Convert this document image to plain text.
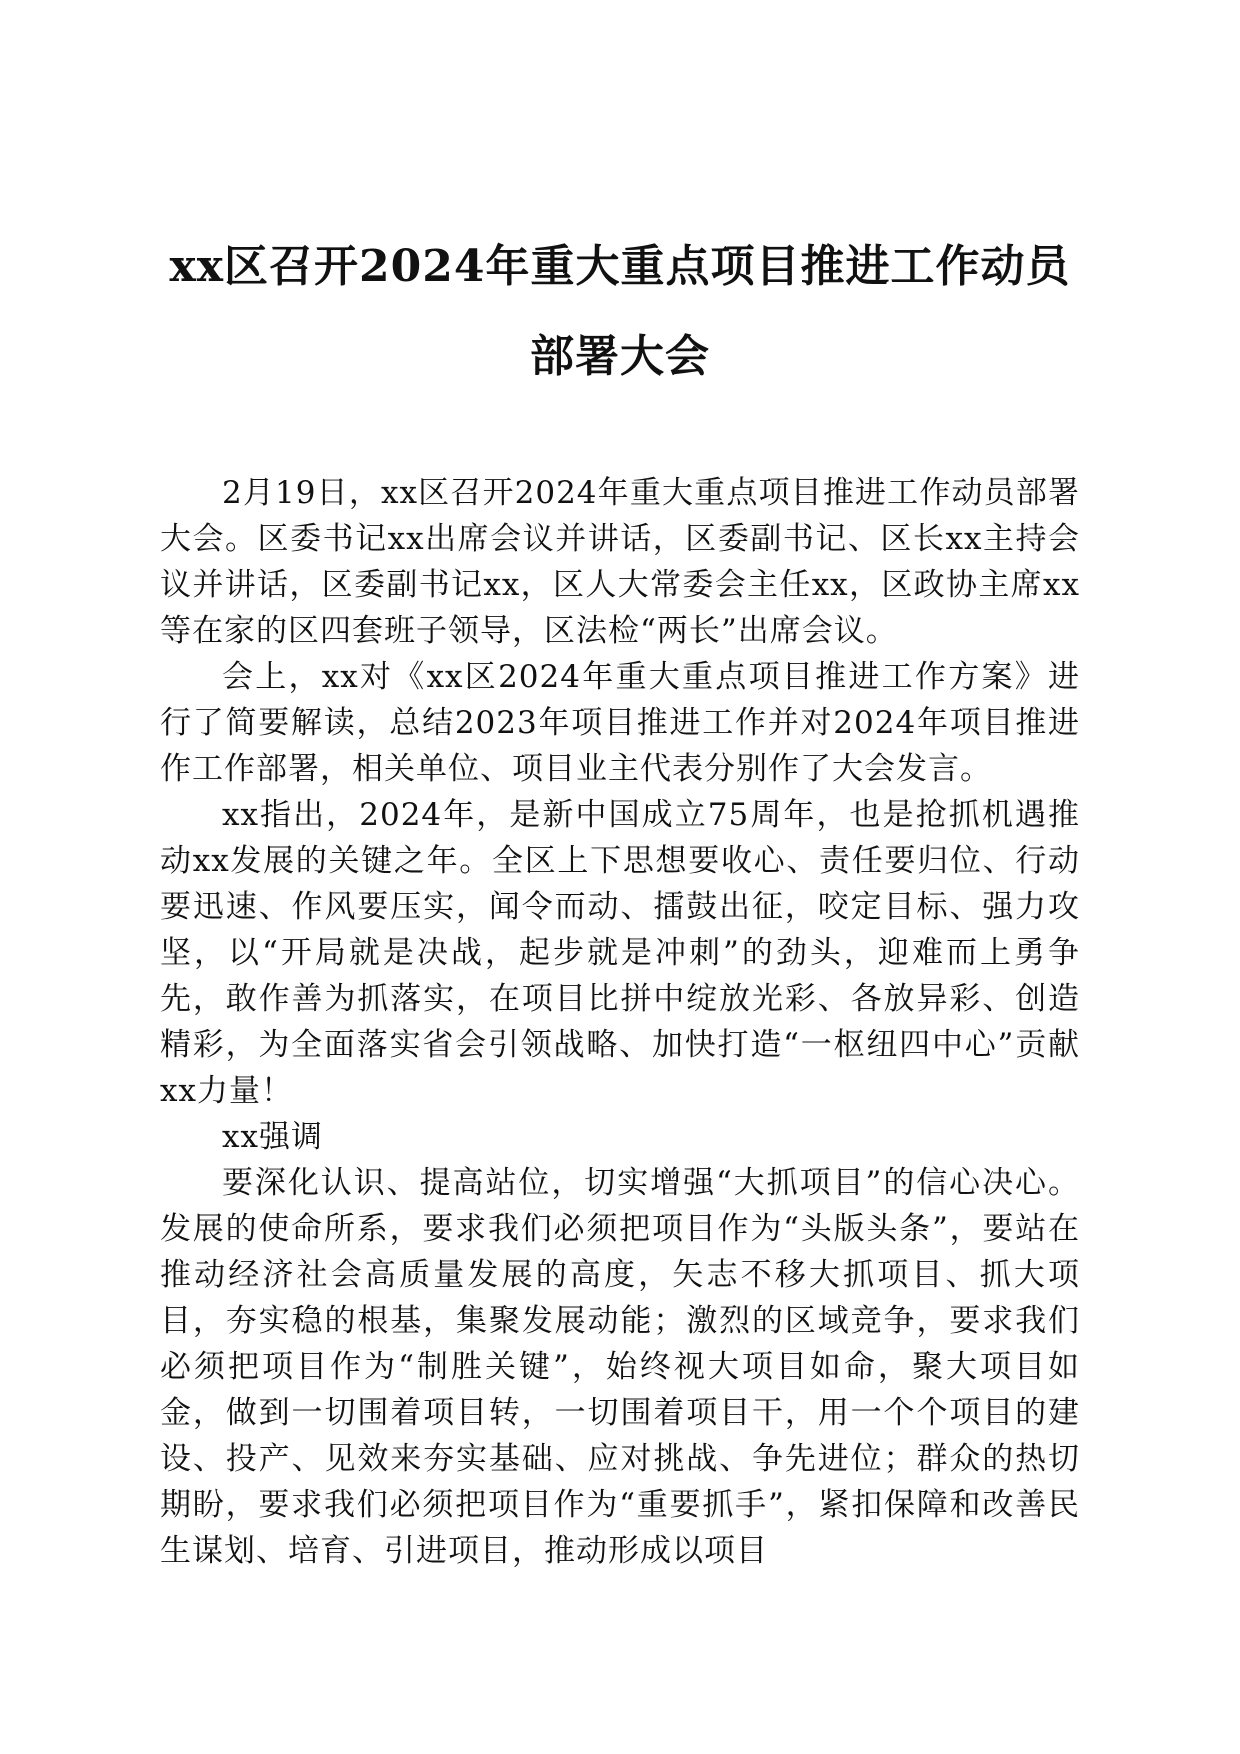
xx区召开2024年重大重点项目推进工作动员
部署大会

2月19日，xx区召开2024年重大重点项目推进工作动员部署大会。区委书记xx出席会议并讲话，区委副书记、区长xx主持会议并讲话，区委副书记xx，区人大常委会主任xx，区政协主席xx等在家的区四套班子领导，区法检“两长”出席会议。

会上，xx对《xx区2024年重大重点项目推进工作方案》进行了简要解读，总结2023年项目推进工作并对2024年项目推进作工作部署，相关单位、项目业主代表分别作了大会发言。

xx指出，2024年，是新中国成立75周年，也是抢抓机遇推动xx发展的关键之年。全区上下思想要收心、责任要归位、行动要迅速、作风要压实，闻令而动、擂鼓出征，咬定目标、强力攻坚，以“开局就是决战，起步就是冲刺”的劲头，迎难而上勇争先，敢作善为抓落实，在项目比拼中绽放光彩、各放异彩、创造精彩，为全面落实省会引领战略、加快打造“一枢纽四中心”贡献xx力量！

xx强调

要深化认识、提高站位，切实增强“大抓项目”的信心决心。发展的使命所系，要求我们必须把项目作为“头版头条”，要站在推动经济社会高质量发展的高度，矢志不移大抓项目、抓大项目，夯实稳的根基，集聚发展动能；激烈的区域竞争，要求我们必须把项目作为“制胜关键”，始终视大项目如命，聚大项目如金，做到一切围着项目转，一切围着项目干，用一个个项目的建设、投产、见效来夯实基础、应对挑战、争先进位；群众的热切期盼，要求我们必须把项目作为“重要抓手”，紧扣保障和改善民生谋划、培育、引进项目，推动形成以项目
